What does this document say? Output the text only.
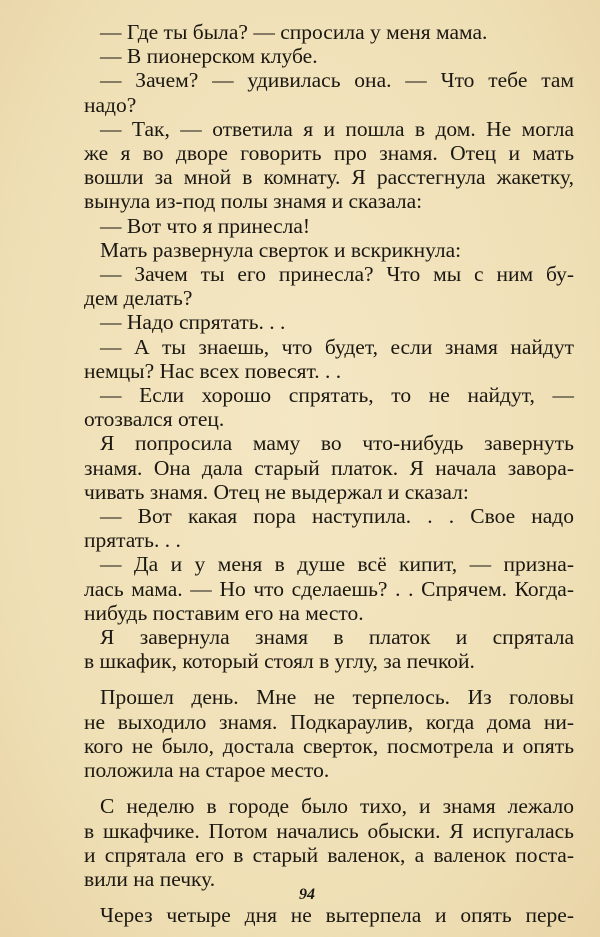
— Где ты была? — спросила у меня мама.
— В пионерском клубе.
— Зачем? — удивилась она. — Что тебе там
надо?
— Так, — ответила я и пошла в дом. Не могла
же я во дворе говорить про знамя. Отец и мать
вошли за мной в комнату. Я расстегнула жакетку,
вынула из-под полы знамя и сказала:
— Вот что я принесла!
Мать развернула сверток и вскрикнула:
— Зачем ты его принесла? Что мы с ним бу-
дем делать?
— Надо спрятать. . .
— А ты знаешь, что будет, если знамя найдут
немцы? Нас всех повесят. . .
— Если хорошо спрятать, то не найдут, —
отозвался отец.
Я попросила маму во что-нибудь завернуть
знамя. Она дала старый платок. Я начала завора-
чивать знамя. Отец не выдержал и сказал:
— Вот какая пора наступила. . . Свое надо
прятать. . .
— Да и у меня в душе всё кипит, — призна-
лась мама. — Но что сделаешь? . . Спрячем. Когда-
нибудь поставим его на место.
Я завернула знамя в платок и спрятала
в шкафик, который стоял в углу, за печкой.
Прошел день. Мне не терпелось. Из головы
не выходило знамя. Подкараулив, когда дома ни-
кого не было, достала сверток, посмотрела и опять
положила на старое место.
С неделю в городе было тихо, и знамя лежало
в шкафчике. Потом начались обыски. Я испугалась
и спрятала его в старый валенок, а валенок поста-
вили на печку.
Через четыре дня не вытерпела и опять пере-
94
